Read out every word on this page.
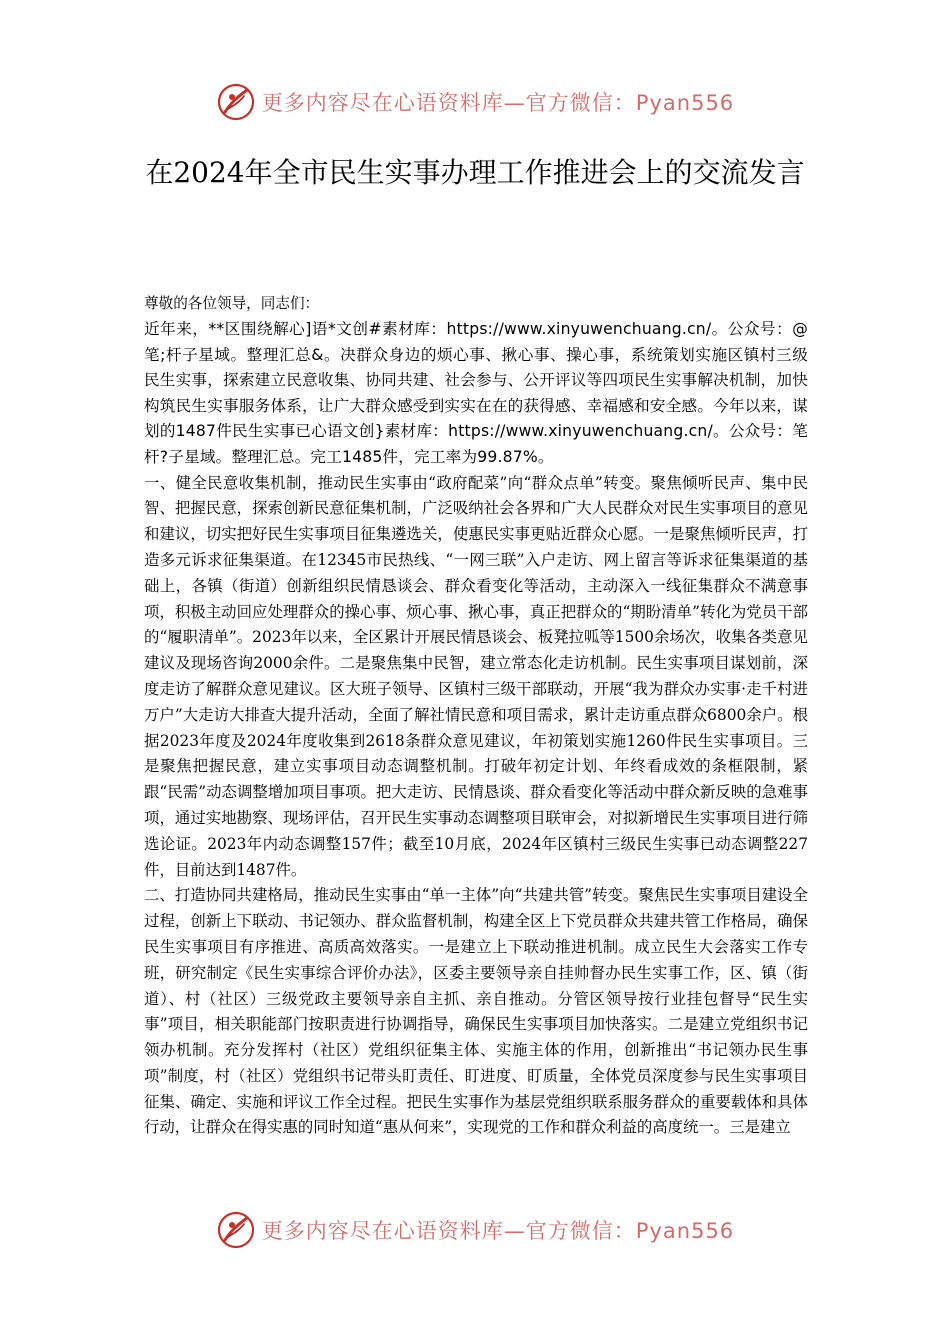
更多内容尽在心语资料库—官方微信：Pyan556
在2024年全市民生实事办理工作推进会上的交流发言

尊敬的各位领导，同志们：

近年来，**区围绕解心]语*文创#素材库：https://www.xinyuwenchuang.cn/。公众号：@笔;杆子星域。整理汇总&。决群众身边的烦心事、揪心事、操心事，系统策划实施区镇村三级民生实事，探索建立民意收集、协同共建、社会参与、公开评议等四项民生实事解决机制，加快构筑民生实事服务体系，让广大群众感受到实实在在的获得感、幸福感和安全感。今年以来，谋划的1487件民生实事已心语文创}素材库：https://www.xinyuwenchuang.cn/。公众号：笔杆?子星域。整理汇总。完工1485件，完工率为99.87%。

一、健全民意收集机制，推动民生实事由“政府配菜”向“群众点单”转变。聚焦倾听民声、集中民智、把握民意，探索创新民意征集机制，广泛吸纳社会各界和广大人民群众对民生实事项目的意见和建议，切实把好民生实事项目征集遴选关，使惠民实事更贴近群众心愿。一是聚焦倾听民声，打造多元诉求征集渠道。在12345市民热线、“一网三联”入户走访、网上留言等诉求征集渠道的基础上，各镇（街道）创新组织民情恳谈会、群众看变化等活动，主动深入一线征集群众不满意事项，积极主动回应处理群众的操心事、烦心事、揪心事，真正把群众的“期盼清单”转化为党员干部的“履职清单”。2023年以来，全区累计开展民情恳谈会、板凳拉呱等1500余场次，收集各类意见建议及现场咨询2000余件。二是聚焦集中民智，建立常态化走访机制。民生实事项目谋划前，深度走访了解群众意见建议。区大班子领导、区镇村三级干部联动，开展“我为群众办实事·走千村进万户”大走访大排查大提升活动，全面了解社情民意和项目需求，累计走访重点群众6800余户。根据2023年度及2024年度收集到2618条群众意见建议，年初策划实施1260件民生实事项目。三是聚焦把握民意，建立实事项目动态调整机制。打破年初定计划、年终看成效的条框限制，紧跟“民需”动态调整增加项目事项。把大走访、民情恳谈、群众看变化等活动中群众新反映的急难事项，通过实地勘察、现场评估，召开民生实事动态调整项目联审会，对拟新增民生实事项目进行筛选论证。2023年内动态调整157件；截至10月底，2024年区镇村三级民生实事已动态调整227件，目前达到1487件。

二、打造协同共建格局，推动民生实事由“单一主体”向“共建共管”转变。聚焦民生实事项目建设全过程，创新上下联动、书记领办、群众监督机制，构建全区上下党员群众共建共管工作格局，确保民生实事项目有序推进、高质高效落实。一是建立上下联动推进机制。成立民生大会落实工作专班，研究制定《民生实事综合评价办法》，区委主要领导亲自挂帅督办民生实事工作，区、镇（街道）、村（社区）三级党政主要领导亲自主抓、亲自推动。分管区领导按行业挂包督导“民生实事”项目，相关职能部门按职责进行协调指导，确保民生实事项目加快落实。二是建立党组织书记领办机制。充分发挥村（社区）党组织征集主体、实施主体的作用，创新推出“书记领办民生事项”制度，村（社区）党组织书记带头盯责任、盯进度、盯质量，全体党员深度参与民生实事项目征集、确定、实施和评议工作全过程。把民生实事作为基层党组织联系服务群众的重要载体和具体行动，让群众在得实惠的同时知道“惠从何来”，实现党的工作和群众利益的高度统一。三是建立

更多内容尽在心语资料库—官方微信：Pyan556
